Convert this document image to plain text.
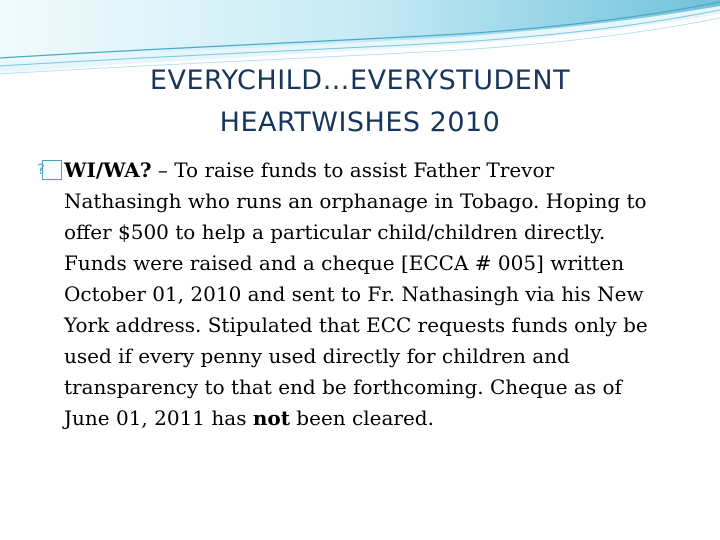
EVERYCHILD…EVERYSTUDENT
HEARTWISHES 2010
?WI/WA? – To raise funds to assist Father Trevor Nathasingh who runs an orphanage in Tobago. Hoping to offer $500 to help a particular child/children directly. Funds were raised and a cheque [ECCA # 005] written October 01, 2010 and sent to Fr. Nathasingh via his New York address. Stipulated that ECC requests funds only be used if every penny used directly for children and transparency to that end be forthcoming. Cheque as of June 01, 2011 has not been cleared.
